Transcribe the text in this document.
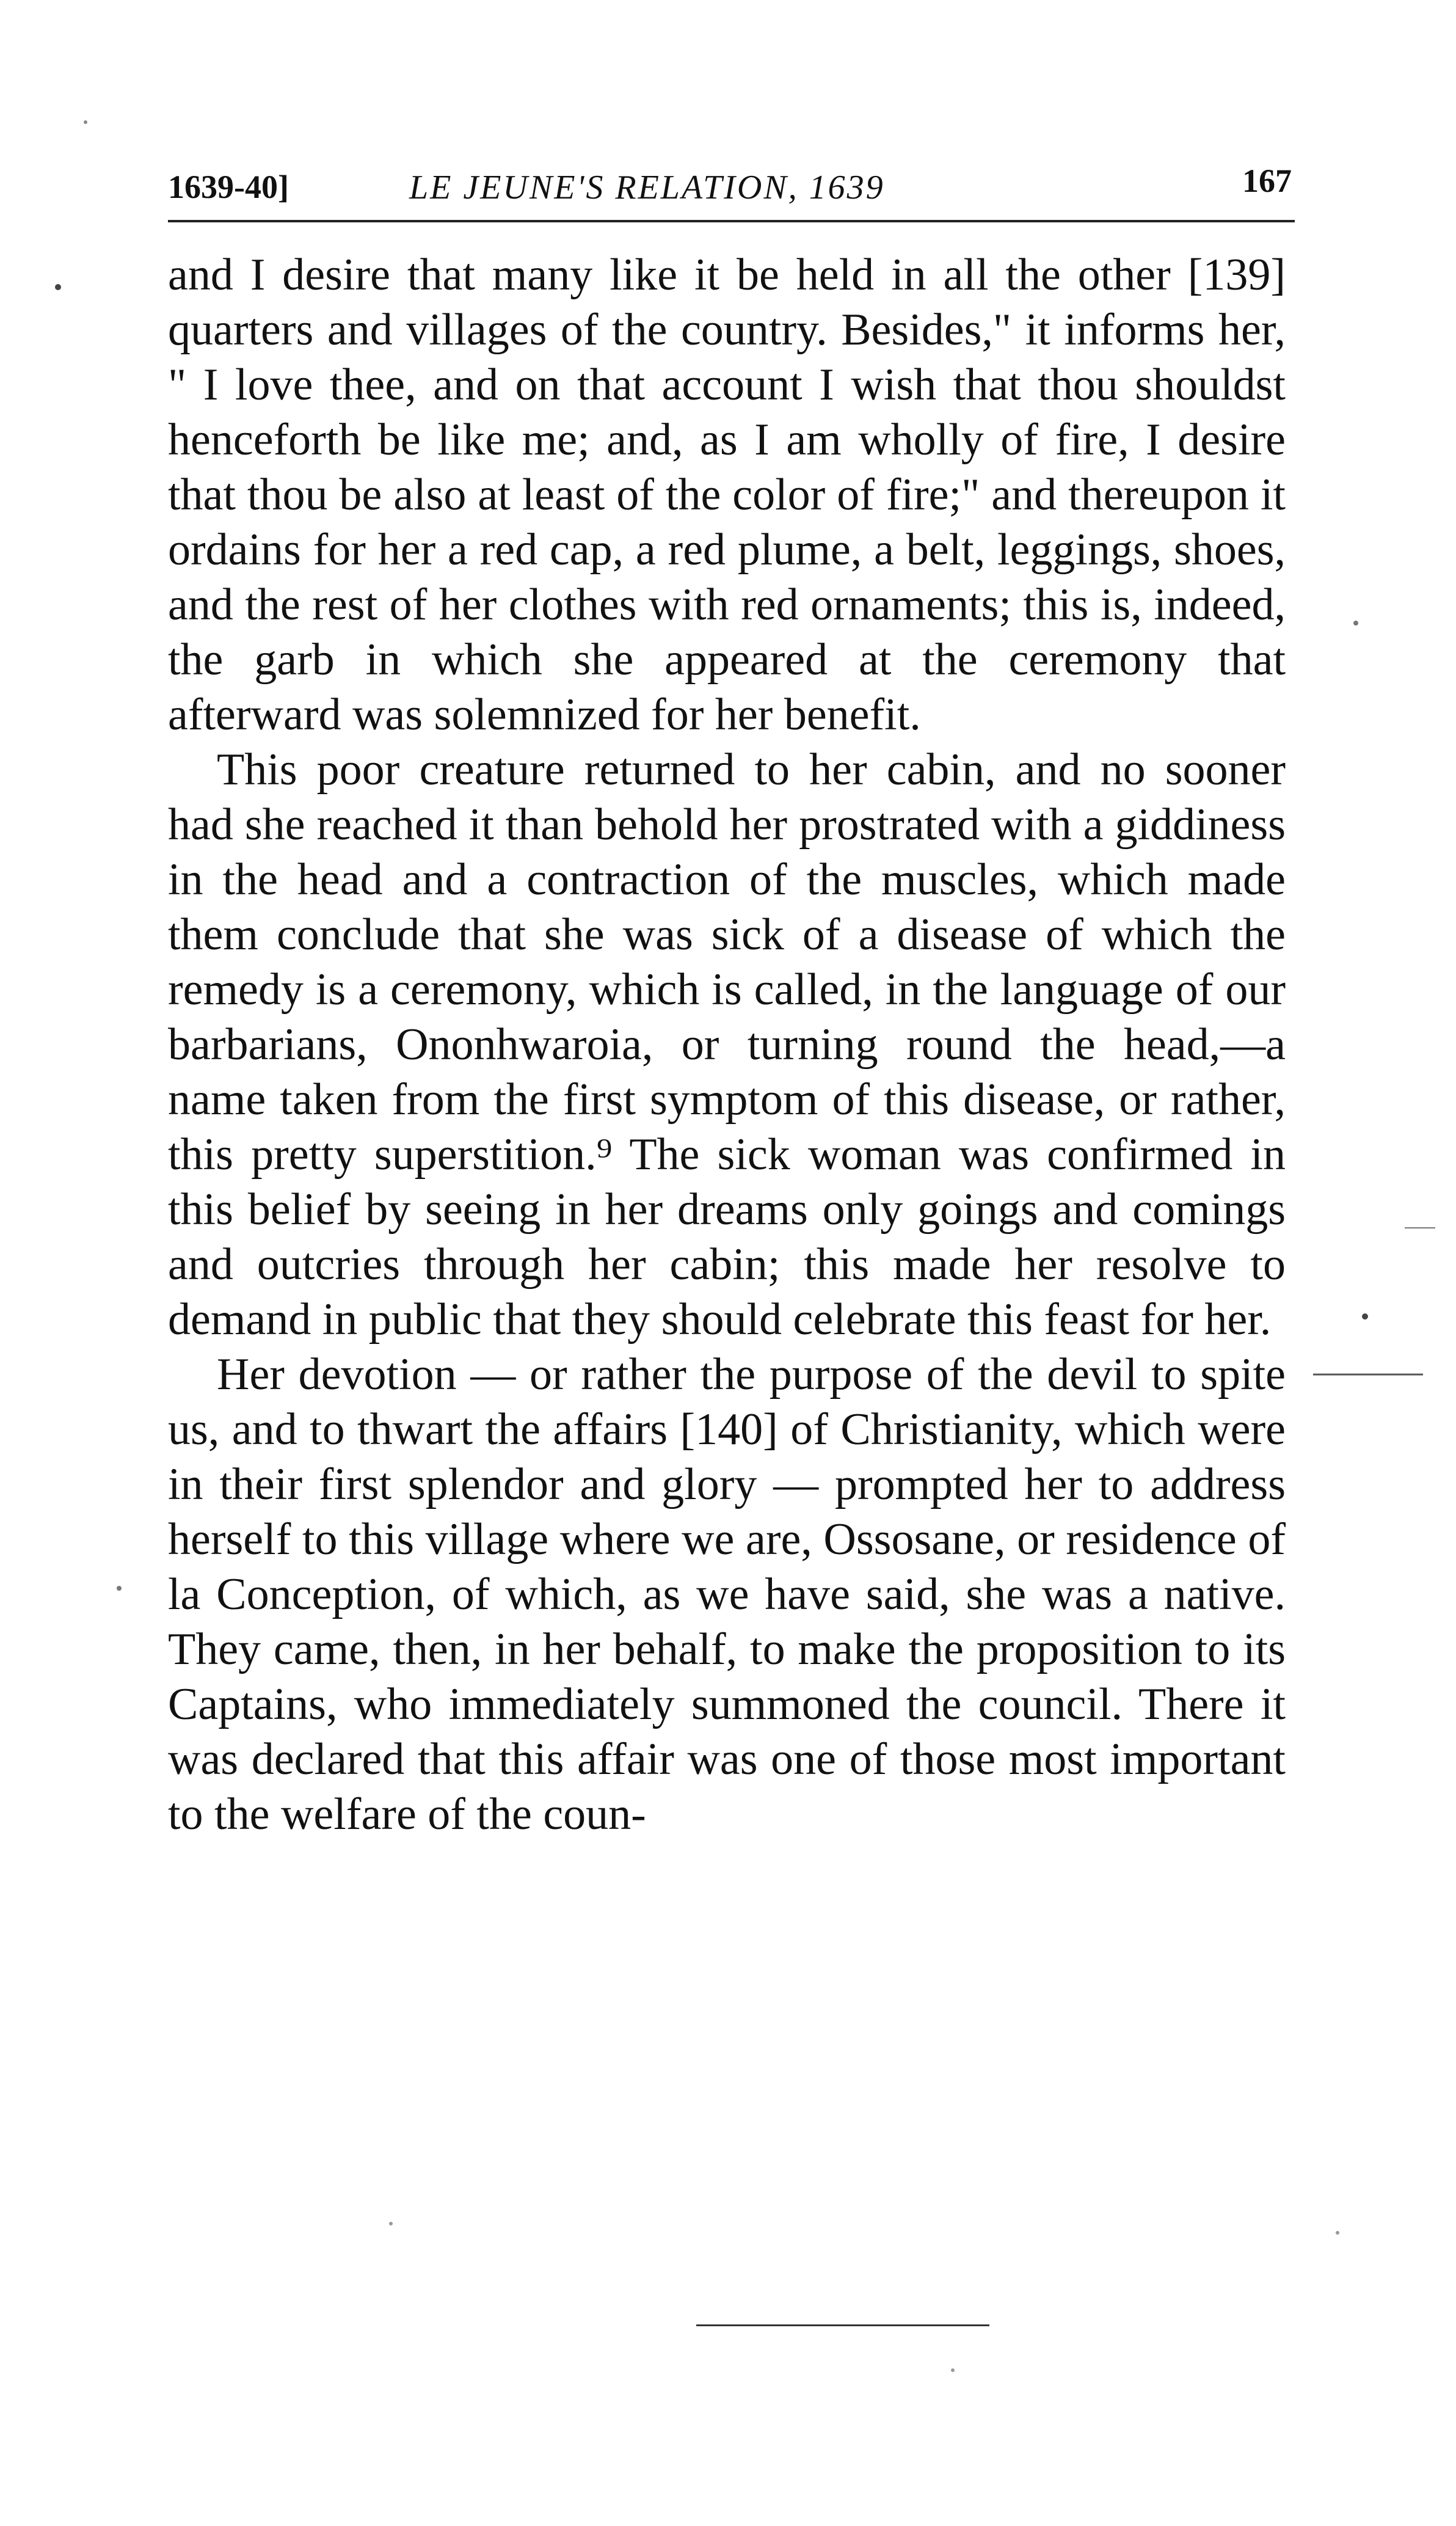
1639-40]	LE JEUNE'S RELATION, 1639	167

and I desire that many like it be held in all the other [139] quarters and villages of the country. Besides," it informs her, " I love thee, and on that account I wish that thou shouldst henceforth be like me; and, as I am wholly of fire, I desire that thou be also at least of the color of fire;" and thereupon it ordains for her a red cap, a red plume, a belt, leggings, shoes, and the rest of her clothes with red ornaments; this is, indeed, the garb in which she appeared at the ceremony that afterward was solemnized for her benefit.

This poor creature returned to her cabin, and no sooner had she reached it than behold her prostrated with a giddiness in the head and a contraction of the muscles, which made them conclude that she was sick of a disease of which the remedy is a ceremony, which is called, in the language of our barbarians, Ononhwaroia, or turning round the head,—a name taken from the first symptom of this disease, or rather, this pretty superstition.⁹ The sick woman was confirmed in this belief by seeing in her dreams only goings and comings and outcries through her cabin; this made her resolve to demand in public that they should celebrate this feast for her.

Her devotion — or rather the purpose of the devil to spite us, and to thwart the affairs [140] of Christianity, which were in their first splendor and glory — prompted her to address herself to this village where we are, Ossosane, or residence of la Conception, of which, as we have said, she was a native. They came, then, in her behalf, to make the proposition to its Captains, who immediately summoned the council. There it was declared that this affair was one of those most important to the welfare of the coun-
